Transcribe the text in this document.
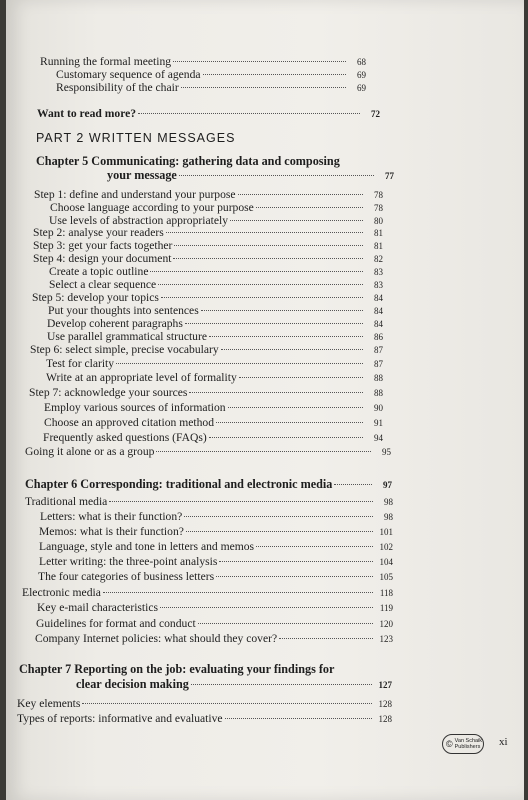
Running the formal meeting	68
Customary sequence of agenda	69
Responsibility of the chair	69
Want to read more?	72
PART 2 WRITTEN MESSAGES
Chapter 5 Communicating: gathering data and composing
your message	77
Step 1: define and understand your purpose	78
Choose language according to your purpose	78
Use levels of abstraction appropriately	80
Step 2: analyse your readers	81
Step 3: get your facts together	81
Step 4: design your document	82
Create a topic outline	83
Select a clear sequence	83
Step 5: develop your topics	84
Put your thoughts into sentences	84
Develop coherent paragraphs	84
Use parallel grammatical structure	86
Step 6: select simple, precise vocabulary	87
Test for clarity	87
Write at an appropriate level of formality	88
Step 7: acknowledge your sources	88
Employ various sources of information	90
Choose an approved citation method	91
Frequently asked questions (FAQs)	94
Going it alone or as a group	95
Chapter 6 Corresponding: traditional and electronic media	97
Traditional media	98
Letters: what is their function?	98
Memos: what is their function?	101
Language, style and tone in letters and memos	102
Letter writing: the three-point analysis	104
The four categories of business letters	105
Electronic media	118
Key e-mail characteristics	119
Guidelines for format and conduct	120
Company Internet policies: what should they cover?	123
Chapter 7 Reporting on the job: evaluating your findings for
clear decision making	127
Key elements	128
Types of reports: informative and evaluative	128
© Van Schaik
Publishers xi
